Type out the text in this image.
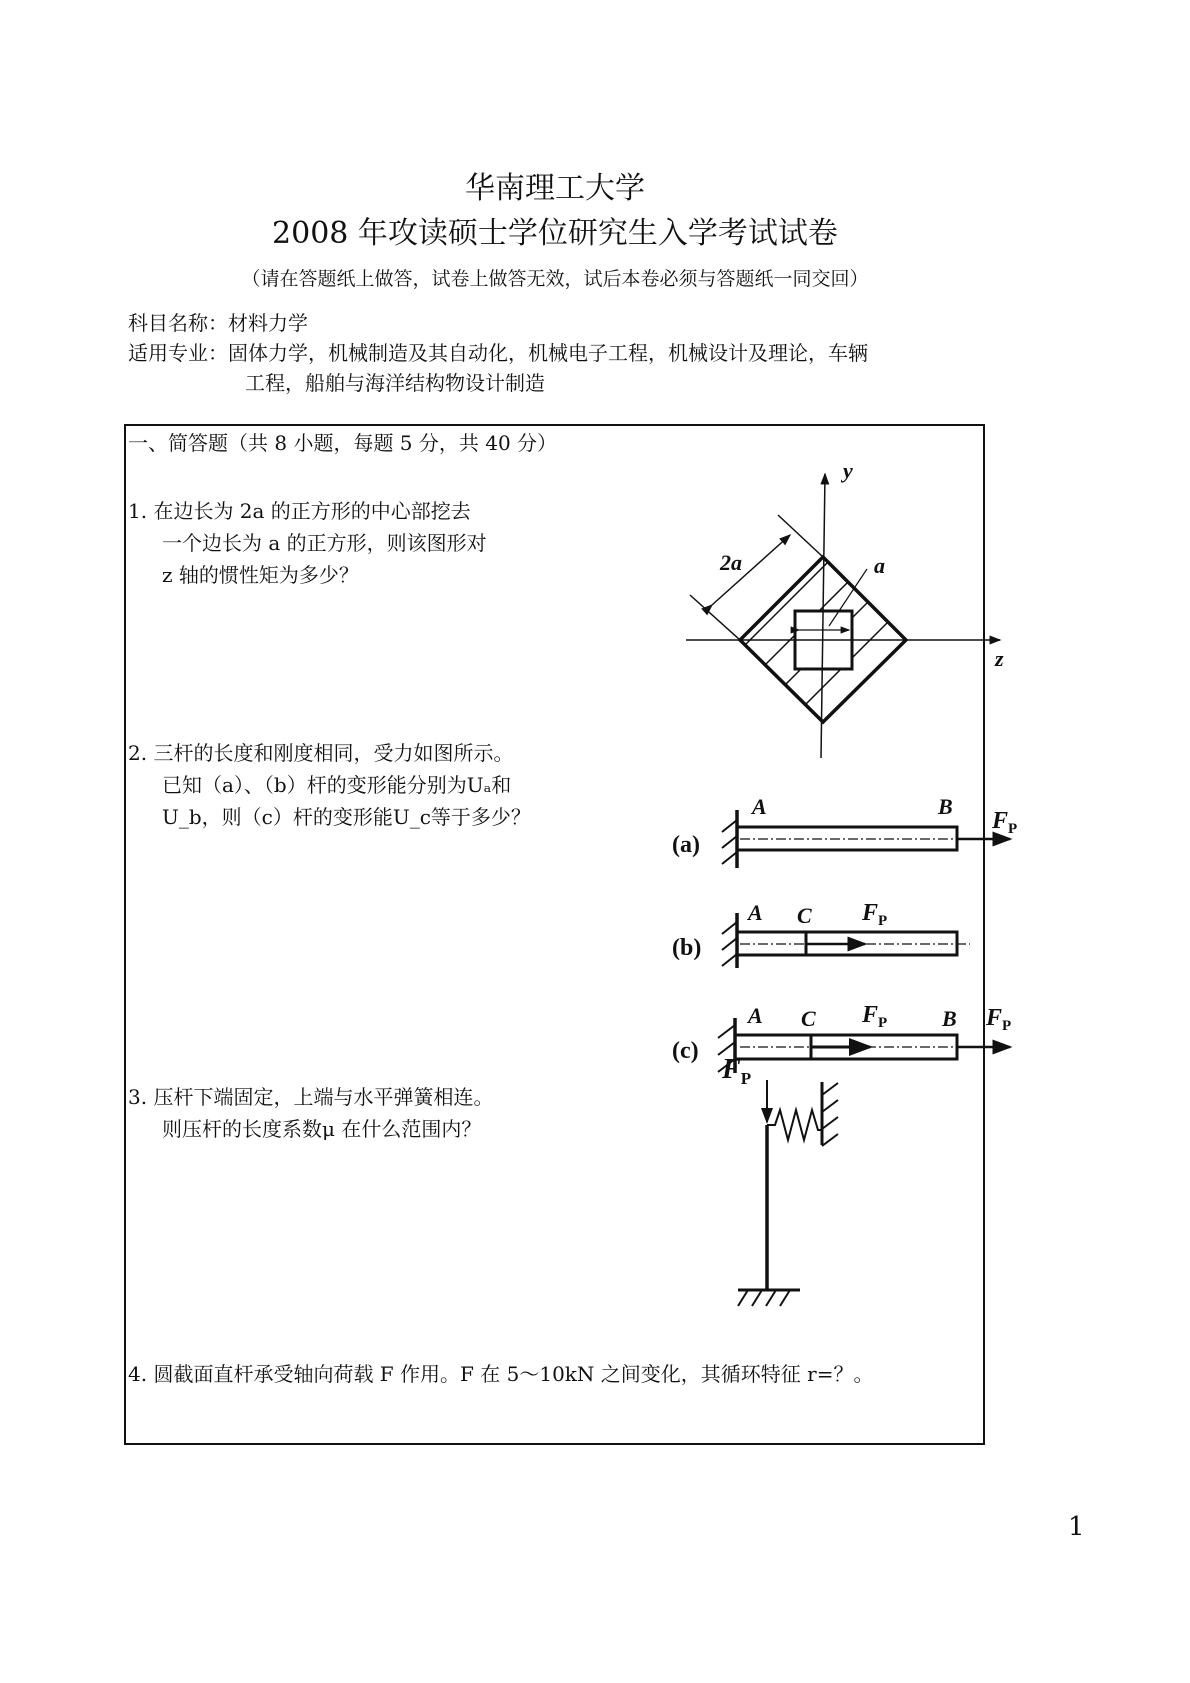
华南理工大学
2008 年攻读硕士学位研究生入学考试试卷
（请在答题纸上做答，试卷上做答无效，试后本卷必须与答题纸一同交回）
科目名称：材料力学
适用专业：固体力学，机械制造及其自动化，机械电子工程，机械设计及理论，车辆
工程，船舶与海洋结构物设计制造
一、简答题（共 8 小题，每题 5 分，共 40 分）
1. 在边长为 2a 的正方形的中心部挖去
一个边长为 a 的正方形，则该图形对
z 轴的惯性矩为多少？
2. 三杆的长度和刚度相同，受力如图所示。
已知（a）、（b）杆的变形能分别为Uₐ和
U_b，则（c）杆的变形能U_c等于多少？
3. 压杆下端固定，上端与水平弹簧相连。
则压杆的长度系数μ 在什么范围内？
4. 圆截面直杆承受轴向荷载 F 作用。F 在 5～10kN 之间变化，其循环特征 r=？。
y
z
2a	a
(a)
(b)
(c)
A	B
$F_P$
A C $F_P$
A C $F_P$ B $F_P$
$F_P$
1
